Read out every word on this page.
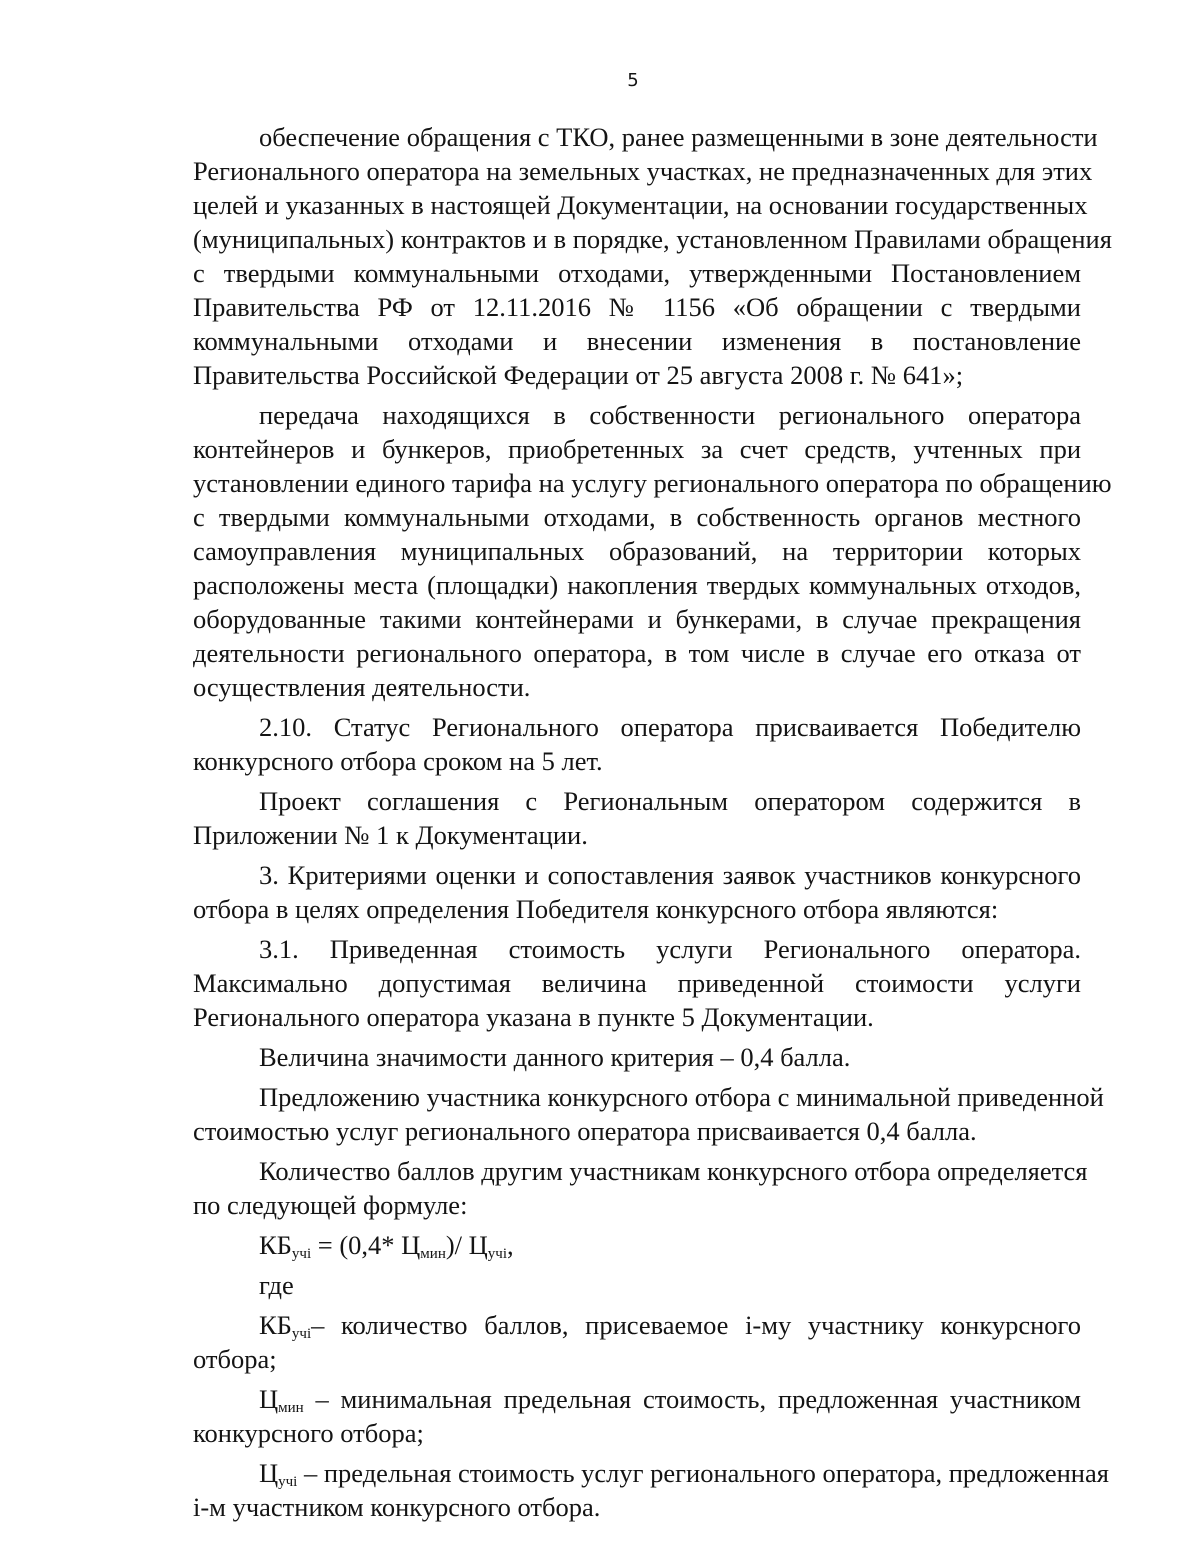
5
обеспечение обращения с ТКО, ранее размещенными в зоне деятельности
Регионального оператора на земельных участках, не предназначенных для этих
целей и указанных в настоящей Документации, на основании государственных
(муниципальных) контрактов и в порядке, установленном Правилами обращения
с твердыми коммунальными отходами, утвержденными Постановлением
Правительства РФ от 12.11.2016 № 1156 «Об обращении с твердыми
коммунальными отходами и внесении изменения в постановление
Правительства Российской Федерации от 25 августа 2008 г. № 641»;
передача находящихся в собственности регионального оператора
контейнеров и бункеров, приобретенных за счет средств, учтенных при
установлении единого тарифа на услугу регионального оператора по обращению
с твердыми коммунальными отходами, в собственность органов местного
самоуправления муниципальных образований, на территории которых
расположены места (площадки) накопления твердых коммунальных отходов,
оборудованные такими контейнерами и бункерами, в случае прекращения
деятельности регионального оператора, в том числе в случае его отказа от
осуществления деятельности.
2.10. Статус Регионального оператора присваивается Победителю
конкурсного отбора сроком на 5 лет.
Проект соглашения с Региональным оператором содержится в
Приложении № 1 к Документации.
3. Критериями оценки и сопоставления заявок участников конкурсного
отбора в целях определения Победителя конкурсного отбора являются:
3.1. Приведенная стоимость услуги Регионального оператора.
Максимально допустимая величина приведенной стоимости услуги
Регионального оператора указана в пункте 5 Документации.
Величина значимости данного критерия – 0,4 балла.
Предложению участника конкурсного отбора с минимальной приведенной
стоимостью услуг регионального оператора присваивается 0,4 балла.
Количество баллов другим участникам конкурсного отбора определяется
по следующей формуле:
$КБ_{учi} = (0,4*$ $Ц_{мин})/$ $Ц_{учi}$,
где
$КБ_{учi}-$ количество баллов, присеваемое i-му участнику конкурсного
отбора;
$Ц_{мин}$ – минимальная предельная стоимость, предложенная участником
конкурсного отбора;
$Ц_{учi}$ – предельная стоимость услуг регионального оператора, предложенная
i-м участником конкурсного отбора.
